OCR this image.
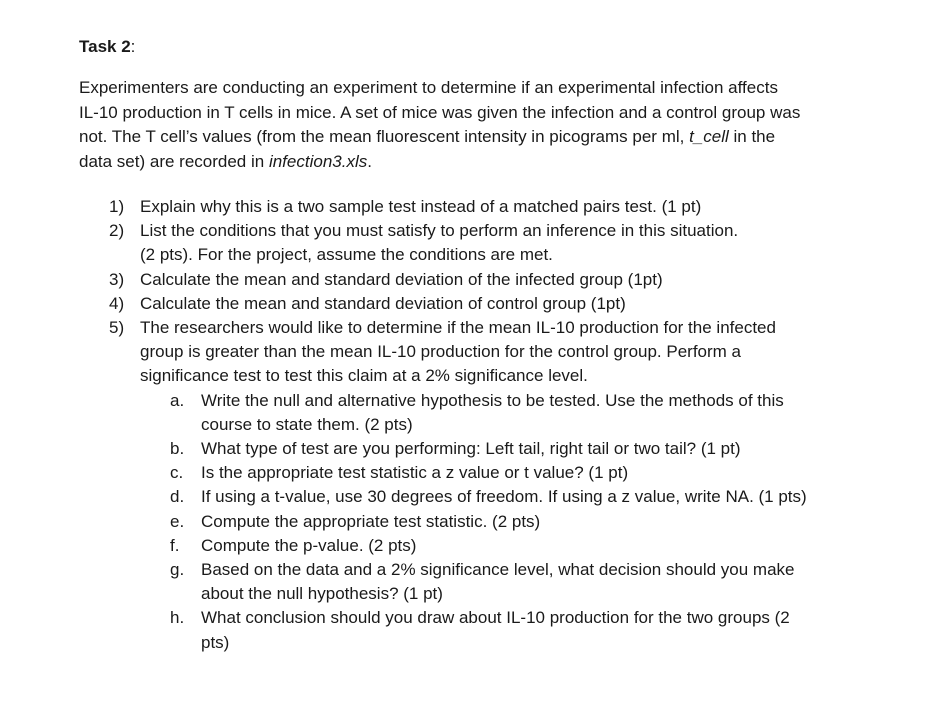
Task 2:

Experimenters are conducting an experiment to determine if an experimental infection affects
IL-10 production in T cells in mice. A set of mice was given the infection and a control group was
not. The T cell’s values (from the mean fluorescent intensity in picograms per ml, t_cell in the
data set) are recorded in infection3.xls.

1) Explain why this is a two sample test instead of a matched pairs test. (1 pt)
2) List the conditions that you must satisfy to perform an inference in this situation.
(2 pts). For the project, assume the conditions are met.
3) Calculate the mean and standard deviation of the infected group (1pt)
4) Calculate the mean and standard deviation of control group (1pt)
5) The researchers would like to determine if the mean IL-10 production for the infected
group is greater than the mean IL-10 production for the control group. Perform a
significance test to test this claim at a 2% significance level.
a. Write the null and alternative hypothesis to be tested. Use the methods of this
course to state them. (2 pts)
b. What type of test are you performing: Left tail, right tail or two tail? (1 pt)
c. Is the appropriate test statistic a z value or t value? (1 pt)
d. If using a t-value, use 30 degrees of freedom. If using a z value, write NA. (1 pts)
e. Compute the appropriate test statistic. (2 pts)
f. Compute the p-value. (2 pts)
g. Based on the data and a 2% significance level, what decision should you make
about the null hypothesis? (1 pt)
h. What conclusion should you draw about IL-10 production for the two groups (2
pts)
